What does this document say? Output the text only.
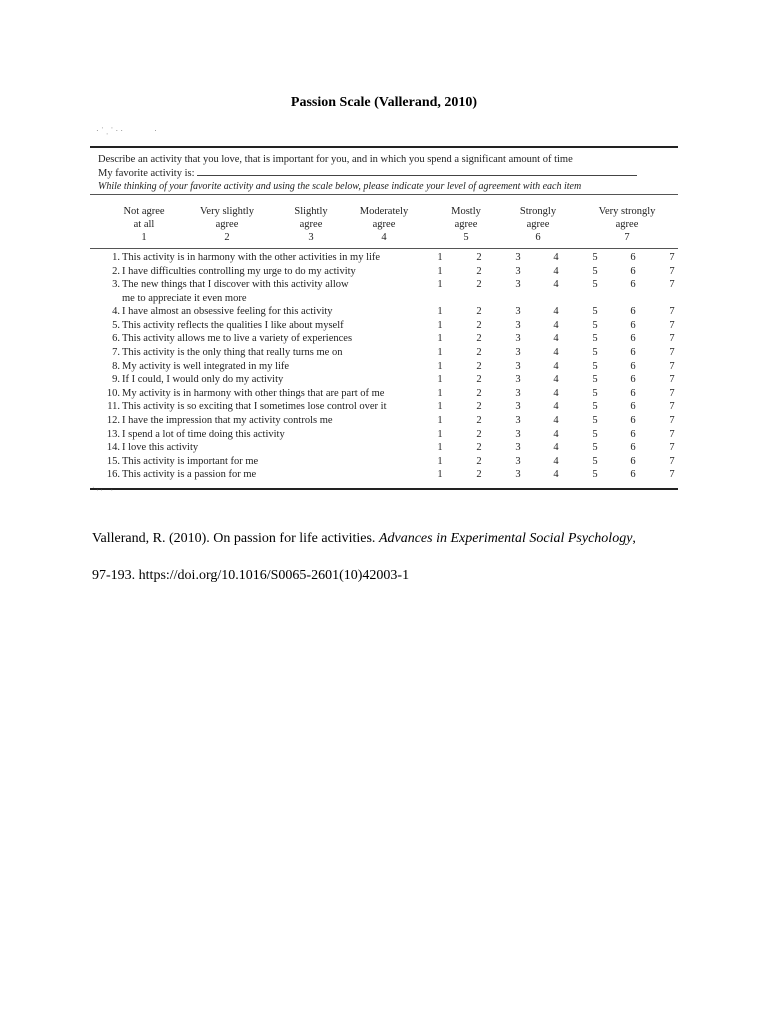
Passion Scale (Vallerand, 2010)
· ˈ ˌ ˈ · ·              ·
Describe an activity that you love, that is important for you, and in which you spend a significant amount of time
My favorite activity is:
While thinking of your favorite activity and using the scale below, please indicate your level of agreement with each item
Not agree
at all
1
Very slightly
agree
2
Slightly
agree
3
Moderately
agree
4
Mostly
agree
5
Strongly
agree
6
Very strongly
agree
7
1. This activity is in harmony with the other activities in my life	1	2	3	4	5	6	7
2. I have difficulties controlling my urge to do my activity	1	2	3	4	5	6	7
3. The new things that I discover with this activity allow
me to appreciate it even more
1	2	3	4	5	6	7
4. I have almost an obsessive feeling for this activity	1	2	3	4	5	6	7
5. This activity reflects the qualities I like about myself	1	2	3	4	5	6	7
6. This activity allows me to live a variety of experiences	1	2	3	4	5	6	7
7. This activity is the only thing that really turns me on	1	2	3	4	5	6	7
8. My activity is well integrated in my life	1	2	3	4	5	6	7
9. If I could, I would only do my activity	1	2	3	4	5	6	7
10. My activity is in harmony with other things that are part of me	1	2	3	4	5	6	7
11. This activity is so exciting that I sometimes lose control over it	1	2	3	4	5	6	7
12. I have the impression that my activity controls me	1	2	3	4	5	6	7
13. I spend a lot of time doing this activity	1	2	3	4	5	6	7
14. I love this activity	1	2	3	4	5	6	7
15. This activity is important for me	1	2	3	4	5	6	7
16. This activity is a passion for me	1	2	3	4	5	6	7
ˈ · ·    ·
Vallerand, R. (2010). On passion for life activities. Advances in Experimental Social Psychology,
97-193. https://doi.org/10.1016/S0065-2601(10)42003-1
